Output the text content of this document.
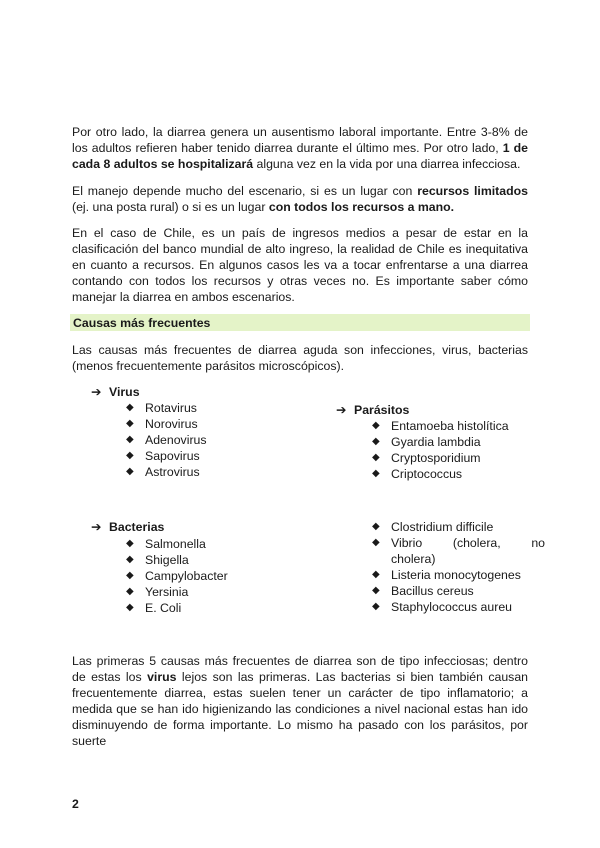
Por otro lado, la diarrea genera un ausentismo laboral importante. Entre 3-8% de los adultos refieren haber tenido diarrea durante el último mes. Por otro lado, 1 de cada 8 adultos se hospitalizará alguna vez en la vida por una diarrea infecciosa.

El manejo depende mucho del escenario, si es un lugar con recursos limitados (ej. una posta rural) o si es un lugar con todos los recursos a mano.

En el caso de Chile, es un país de ingresos medios a pesar de estar en la clasificación del banco mundial de alto ingreso, la realidad de Chile es inequitativa en cuanto a recursos. En algunos casos les va a tocar enfrentarse a una diarrea contando con todos los recursos y otras veces no. Es importante saber cómo manejar la diarrea en ambos escenarios.

Causas más frecuentes

Las causas más frecuentes de diarrea aguda son infecciones, virus, bacterias (menos frecuentemente parásitos microscópicos).

➔ Virus
◆ Rotavirus
◆ Norovirus
◆ Adenovirus
◆ Sapovirus
◆ Astrovirus
➔ Parásitos
◆ Entamoeba histolítica
◆ Gyardia lambdia
◆ Cryptosporidium
◆ Criptococcus
➔ Bacterias
◆ Salmonella
◆ Shigella
◆ Campylobacter
◆ Yersinia
◆ E. Coli
◆ Clostridium difficile
◆ Vibrio	(cholera,	no
cholera)
◆ Listeria monocytogenes
◆ Bacillus cereus
◆ Staphylococcus aureu

Las primeras 5 causas más frecuentes de diarrea son de tipo infecciosas; dentro de estas los virus lejos son las primeras. Las bacterias si bien también causan frecuentemente diarrea, estas suelen tener un carácter de tipo inflamatorio; a medida que se han ido higienizando las condiciones a nivel nacional estas han ido disminuyendo de forma importante. Lo mismo ha pasado con los parásitos, por suerte

2
